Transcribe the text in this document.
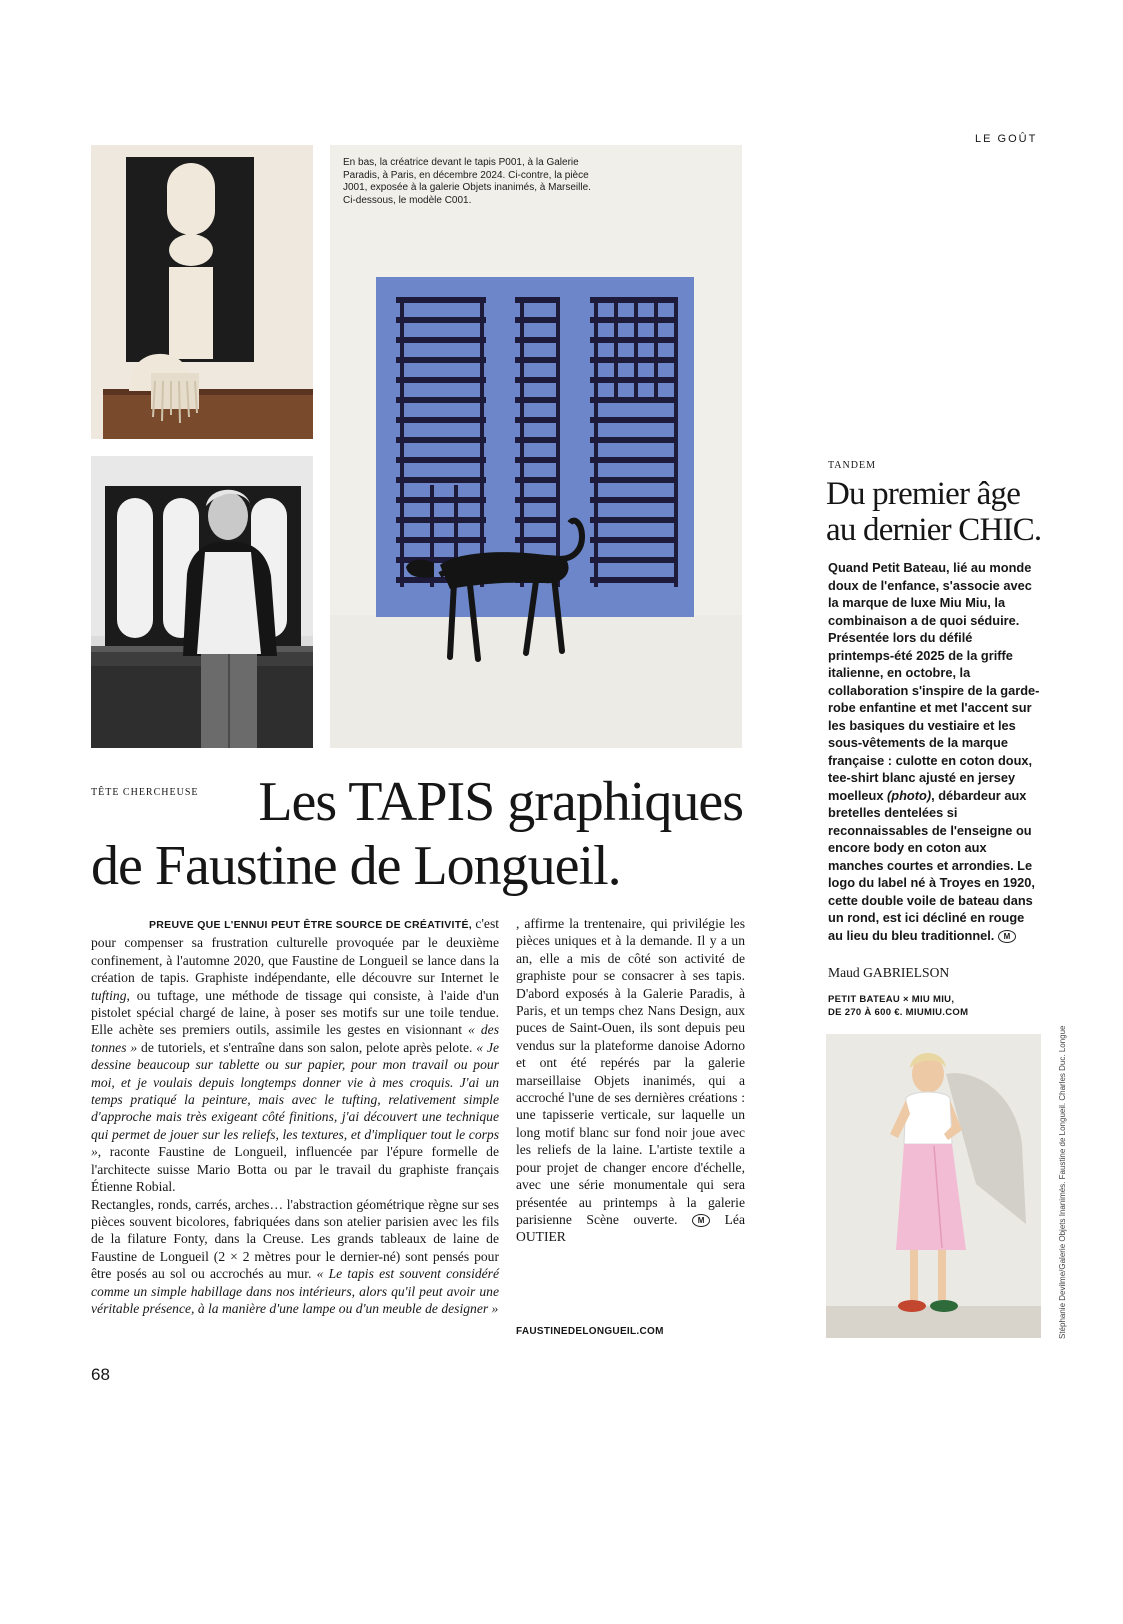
LE GOÛT
En bas, la créatrice devant le tapis P001, à la Galerie Paradis, à Paris, en décembre 2024. Ci-contre, la pièce J001, exposée à la galerie Objets inanimés, à Marseille. Ci-dessous, le modèle C001.
TÊTE CHERCHEUSE	Les TAPIS graphiques
de Faustine de Longueil.

PREUVE QUE L'ENNUI PEUT ÊTRE SOURCE DE CRÉATIVITÉ, c'est pour compenser sa frustration culturelle provoquée par le deuxième confinement, à l'automne 2020, que Faustine de Longueil se lance dans la création de tapis. Graphiste indépendante, elle découvre sur Internet le tufting, ou tuftage, une méthode de tissage qui consiste, à l'aide d'un pistolet spécial chargé de laine, à poser ses motifs sur une toile tendue. Elle achète ses premiers outils, assimile les gestes en visionnant « des tonnes » de tutoriels, et s'entraîne dans son salon, pelote après pelote. « Je dessine beaucoup sur tablette ou sur papier, pour mon travail ou pour moi, et je voulais depuis longtemps donner vie à mes croquis. J'ai un temps pratiqué la peinture, mais avec le tufting, relativement simple d'approche mais très exigeant côté finitions, j'ai découvert une technique qui permet de jouer sur les reliefs, les textures, et d'impliquer tout le corps », raconte Faustine de Longueil, influencée par l'épure formelle de l'architecte suisse Mario Botta ou par le travail du graphiste français Étienne Robial.

Rectangles, ronds, carrés, arches… l'abstraction géométrique règne sur ses pièces souvent bicolores, fabriquées dans son atelier parisien avec les fils de la filature Fonty, dans la Creuse. Les grands tableaux de laine de Faustine de Longueil (2 × 2 mètres pour le dernier-né) sont pensés pour être posés au sol ou accrochés au mur. « Le tapis est souvent considéré comme un simple habillage dans nos intérieurs, alors qu'il peut avoir une véritable présence, à la manière d'une lampe ou d'un meuble de designer »

, affirme la trentenaire, qui privilégie les pièces uniques et à la demande. Il y a un an, elle a mis de côté son activité de graphiste pour se consacrer à ses tapis. D'abord exposés à la Galerie Paradis, à Paris, et un temps chez Nans Design, aux puces de Saint-Ouen, ils sont depuis peu vendus sur la plateforme danoise Adorno et ont été repérés par la galerie marseillaise Objets inanimés, qui a accroché l'une de ses dernières créations : une tapisserie verticale, sur laquelle un long motif blanc sur fond noir joue avec les reliefs de la laine. L'artiste textile a pour projet de changer encore d'échelle, avec une série monumentale qui sera présentée au printemps à la galerie parisienne Scène ouverte.	M Léa OUTIER

FAUSTINEDELONGUEIL.COM
68
TANDEM
Du premier âge
au dernier CHIC.

Quand Petit Bateau, lié au monde doux de l'enfance, s'associe avec la marque de luxe Miu Miu, la combinaison a de quoi séduire. Présentée lors du défilé printemps-été 2025 de la griffe italienne, en octobre, la collaboration s'inspire de la garde-robe enfantine et met l'accent sur les basiques du vestiaire et les sous-vêtements de la marque française : culotte en coton doux, tee-shirt blanc ajusté en jersey moelleux (photo), débardeur aux bretelles dentelées si reconnaissables de l'enseigne ou encore body en coton aux manches courtes et arrondies. Le logo du label né à Troyes en 1920, cette double voile de bateau dans un rond, est ici décliné en rouge au lieu du bleu traditionnel. M

Maud GABRIELSON
PETIT BATEAU × MIU MIU,
DE 270 À 600 €. MIUMIU.COM
Stéphanie Devilme/Galerie Objets Inanimés. Faustine de Longueil. Charles Duc. Longue
